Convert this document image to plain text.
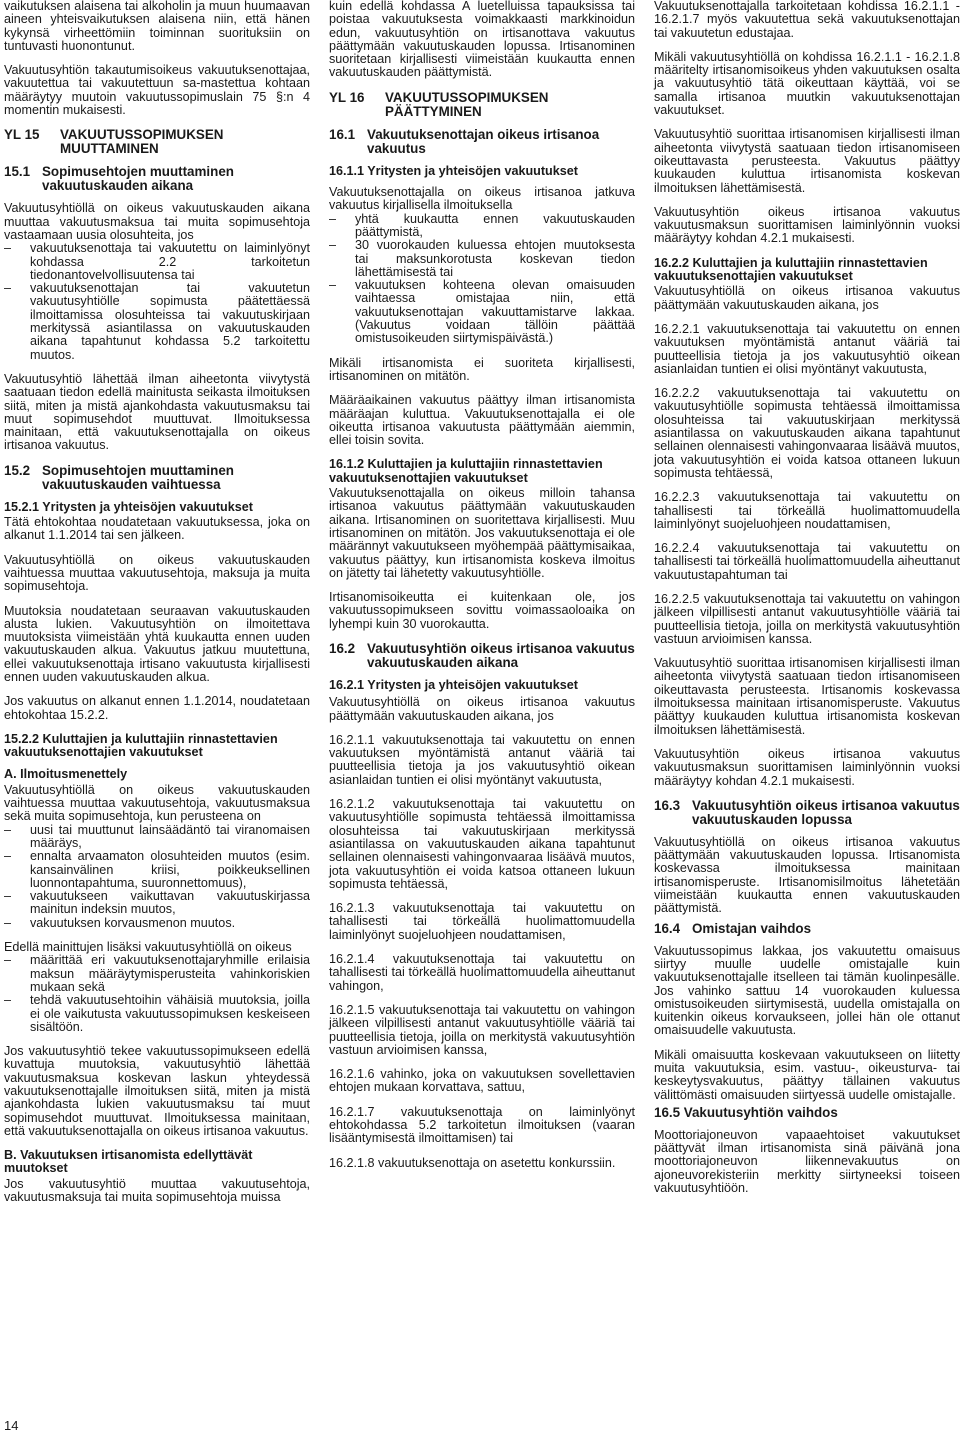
vaikutuksen alaisena tai alkoholin ja muun huumaavan aineen yhteisvaikutuksen alaisena niin, että hänen kykynsä virheettömiin toiminnan suorituksiin on tuntuvasti huonontunut.

Vakuutusyhtiön takautumisoikeus vakuutuksenottajaa, vakuutettua tai vakuutettuun sa-mastettua kohtaan määräytyy muutoin vakuutussopimuslain 75 §:n 4 momentin mukaisesti.

YL 15	VAKUUTUSSOPIMUKSEN MUUTTAMINEN
15.1 Sopimusehtojen muuttaminen vakuutuskauden aikana

Vakuutusyhtiöllä on oikeus vakuutuskauden aikana muuttaa vakuutusmaksua tai muita sopimusehtoja vastaamaan uusia olosuhteita, jos

– vakuutuksenottaja tai vakuutettu on laiminlyönyt kohdassa 2.2 tarkoitetun tiedonantovelvollisuutensa tai
– vakuutuksenottajan tai vakuutetun vakuutusyhtiölle sopimusta päätettäessä ilmoittamissa olosuhteissa tai vakuutuskirjaan merkityssä asiantilassa on vakuutuskauden aikana tapahtunut kohdassa 5.2 tarkoitettu muutos.

Vakuutusyhtiö lähettää ilman aiheetonta viivytystä saatuaan tiedon edellä mainitusta seikasta ilmoituksen siitä, miten ja mistä ajankohdasta vakuutusmaksu tai muut sopimusehdot muuttuvat. Ilmoituksessa mainitaan, että vakuutuksenottajalla on oikeus irtisanoa vakuutus.

15.2 Sopimusehtojen muuttaminen vakuutuskauden vaihtuessa
15.2.1 Yritysten ja yhteisöjen vakuutukset

Tätä ehtokohtaa noudatetaan vakuutuksessa, joka on alkanut 1.1.2014 tai sen jälkeen.

Vakuutusyhtiöllä on oikeus vakuutuskauden vaihtuessa muuttaa vakuutusehtoja, maksuja ja muita sopimusehtoja.

Muutoksia noudatetaan seuraavan vakuutuskauden alusta lukien. Vakuutusyhtiön on ilmoitettava muutoksista viimeistään yhtä kuukautta ennen uuden vakuutuskauden alkua. Vakuutus jatkuu muutettuna, ellei vakuutuksenottaja irtisano vakuutusta kirjallisesti ennen uuden vakuutuskauden alkua.

Jos vakuutus on alkanut ennen 1.1.2014, noudatetaan ehtokohtaa 15.2.2.

15.2.2 Kuluttajien ja kuluttajiin rinnastettavien vakuutuksenottajien vakuutukset
A. Ilmoitusmenettely

Vakuutusyhtiöllä on oikeus vakuutuskauden vaihtuessa muuttaa vakuutusehtoja, vakuutusmaksua sekä muita sopimusehtoja, kun perusteena on

– uusi tai muuttunut lainsäädäntö tai viranomaisen määräys,
– ennalta arvaamaton olosuhteiden muutos (esim. kansainvälinen kriisi, poikkeuksellinen luonnontapahtuma, suuronnettomuus),
– vakuutukseen vaikuttavan vakuutuskirjassa mainitun indeksin muutos,
– vakuutuksen korvausmenon muutos.

Edellä mainittujen lisäksi vakuutusyhtiöllä on oikeus

– määrittää eri vakuutuksenottajaryhmille erilaisia maksun määräytymisperusteita vahinkoriskien mukaan sekä
– tehdä vakuutusehtoihin vähäisiä muutoksia, joilla ei ole vaikutusta vakuutussopimuksen keskeiseen sisältöön.

Jos vakuutusyhtiö tekee vakuutussopimukseen edellä kuvattuja muutoksia, vakuutusyhtiö lähettää vakuutusmaksua koskevan laskun yhteydessä vakuutuksenottajalle ilmoituksen siitä, miten ja mistä ajankohdasta lukien vakuutusmaksu tai muut sopimusehdot muuttuvat. Ilmoituksessa mainitaan, että vakuutuksenottajalla on oikeus irtisanoa vakuutus.

B. Vakuutuksen irtisanomista edellyttävät muutokset

Jos vakuutusyhtiö muuttaa vakuutusehtoja, vakuutusmaksuja tai muita sopimusehtoja muissa

kuin edellä kohdassa A luetelluissa tapauksissa tai poistaa vakuutuksesta voimakkaasti markkinoidun edun, vakuutusyhtiön on irtisanottava vakuutus päättymään vakuutuskauden lopussa. Irtisanominen suoritetaan kirjallisesti viimeistään kuukautta ennen vakuutuskauden päättymistä.

YL 16	VAKUUTUSSOPIMUKSEN PÄÄTTYMINEN
16.1 Vakuutuksenottajan oikeus irtisanoa vakuutus
16.1.1 Yritysten ja yhteisöjen vakuutukset

Vakuutuksenottajalla on oikeus irtisanoa jatkuva vakuutus kirjallisella ilmoituksella

– yhtä kuukautta ennen vakuutuskauden päättymistä,
– 30 vuorokauden kuluessa ehtojen muutoksesta tai maksunkorotusta koskevan tiedon lähettämisestä tai
– vakuutuksen kohteena olevan omaisuuden vaihtaessa omistajaa niin, että vakuutuksenottajan vakuuttamistarve lakkaa. (Vakuutus voidaan tällöin päättää omistusoikeuden siirtymispäivästä.)

Mikäli irtisanomista ei suoriteta kirjallisesti, irtisanominen on mitätön.

Määräaikainen vakuutus päättyy ilman irtisanomista määräajan kuluttua. Vakuutuksenottajalla ei ole oikeutta irtisanoa vakuutusta päättymään aiemmin, ellei toisin sovita.

16.1.2 Kuluttajien ja kuluttajiin rinnastettavien vakuutuksenottajien vakuutukset

Vakuutuksenottajalla on oikeus milloin tahansa irtisanoa vakuutus päättymään vakuutuskauden aikana. Irtisanominen on suoritettava kirjallisesti. Muu irtisanominen on mitätön. Jos vakuutuksenottaja ei ole määrännyt vakuutukseen myöhempää päättymisaikaa, vakuutus päättyy, kun irtisanomista koskeva ilmoitus on jätetty tai lähetetty vakuutusyhtiölle.

Irtisanomisoikeutta ei kuitenkaan ole, jos vakuutussopimukseen sovittu voimassaoloaika on lyhempi kuin 30 vuorokautta.

16.2 Vakuutusyhtiön oikeus irtisanoa vakuutus vakuutuskauden aikana
16.2.1 Yritysten ja yhteisöjen vakuutukset

Vakuutusyhtiöllä on oikeus irtisanoa vakuutus päättymään vakuutuskauden aikana, jos

16.2.1.1 vakuutuksenottaja tai vakuutettu on ennen vakuutuksen myöntämistä antanut vääriä tai puutteellisia tietoja ja jos vakuutusyhtiö oikean asianlaidan tuntien ei olisi myöntänyt vakuutusta,

16.2.1.2 vakuutuksenottaja tai vakuutettu on vakuutusyhtiölle sopimusta tehtäessä ilmoittamissa olosuhteissa tai vakuutuskirjaan merkityssä asiantilassa on vakuutuskauden aikana tapahtunut sellainen olennaisesti vahingonvaaraa lisäävä muutos, jota vakuutusyhtiön ei voida katsoa ottaneen lukuun sopimusta tehtäessä,

16.2.1.3 vakuutuksenottaja tai vakuutettu on tahallisesti tai törkeällä huolimattomuudella laiminlyönyt suojeluohjeen noudattamisen,

16.2.1.4 vakuutuksenottaja tai vakuutettu on tahallisesti tai törkeällä huolimattomuudella aiheuttanut vahingon,

16.2.1.5 vakuutuksenottaja tai vakuutettu on vahingon jälkeen vilpillisesti antanut vakuutusyhtiölle vääriä tai puutteellisia tietoja, joilla on merkitystä vakuutusyhtiön vastuun arvioimisen kanssa,

16.2.1.6 vahinko, joka on vakuutuksen sovellettavien ehtojen mukaan korvattava, sattuu,

16.2.1.7 vakuutuksenottaja on laiminlyönyt ehtokohdassa 5.2 tarkoitetun ilmoituksen (vaaran lisääntymisestä ilmoittamisen) tai

16.2.1.8 vakuutuksenottaja on asetettu konkurssiin.

Vakuutuksenottajalla tarkoitetaan kohdissa 16.2.1.1 - 16.2.1.7 myös vakuutettua sekä vakuutuksenottajan tai vakuutetun edustajaa.

Mikäli vakuutusyhtiöllä on kohdissa 16.2.1.1 - 16.2.1.8 määritelty irtisanomisoikeus yhden vakuutuksen osalta ja vakuutusyhtiö tätä oikeuttaan käyttää, voi se samalla irtisanoa muutkin vakuutuksenottajan vakuutukset.

Vakuutusyhtiö suorittaa irtisanomisen kirjallisesti ilman aiheetonta viivytystä saatuaan tiedon irtisanomiseen oikeuttavasta perusteesta. Vakuutus päättyy kuukauden kuluttua irtisanomista koskevan ilmoituksen lähettämisestä.

Vakuutusyhtiön oikeus irtisanoa vakuutus vakuutusmaksun suorittamisen laiminlyönnin vuoksi määräytyy kohdan 4.2.1 mukaisesti.

16.2.2 Kuluttajien ja kuluttajiin rinnastettavien vakuutuksenottajien vakuutukset

Vakuutusyhtiöllä on oikeus irtisanoa vakuutus päättymään vakuutuskauden aikana, jos

16.2.2.1 vakuutuksenottaja tai vakuutettu on ennen vakuutuksen myöntämistä antanut vääriä tai puutteellisia tietoja ja jos vakuutusyhtiö oikean asianlaidan tuntien ei olisi myöntänyt vakuutusta,

16.2.2.2 vakuutuksenottaja tai vakuutettu on vakuutusyhtiölle sopimusta tehtäessä ilmoittamissa olosuhteissa tai vakuutuskirjaan merkityssä asiantilassa on vakuutuskauden aikana tapahtunut sellainen olennaisesti vahingonvaaraa lisäävä muutos, jota vakuutusyhtiön ei voida katsoa ottaneen lukuun sopimusta tehtäessä,

16.2.2.3 vakuutuksenottaja tai vakuutettu on tahallisesti tai törkeällä huolimattomuudella laiminlyönyt suojeluohjeen noudattamisen,

16.2.2.4 vakuutuksenottaja tai vakuutettu on tahallisesti tai törkeällä huolimattomuudella aiheuttanut vakuutustapahtuman tai

16.2.2.5 vakuutuksenottaja tai vakuutettu on vahingon jälkeen vilpillisesti antanut vakuutusyhtiölle vääriä tai puutteellisia tietoja, joilla on merkitystä vakuutusyhtiön vastuun arvioimisen kanssa.

Vakuutusyhtiö suorittaa irtisanomisen kirjallisesti ilman aiheetonta viivytystä saatuaan tiedon irtisanomiseen oikeuttavasta perusteesta. Irtisanomis koskevassa ilmoituksessa mainitaan irtisanomisperuste. Vakuutus päättyy kuukauden kuluttua irtisanomista koskevan ilmoituksen lähettämisestä.

Vakuutusyhtiön oikeus irtisanoa vakuutus vakuutusmaksun suorittamisen laiminlyönnin vuoksi määräytyy kohdan 4.2.1 mukaisesti.

16.3 Vakuutusyhtiön oikeus irtisanoa vakuutus vakuutuskauden lopussa

Vakuutusyhtiöllä on oikeus irtisanoa vakuutus päättymään vakuutuskauden lopussa. Irtisanomista koskevassa ilmoituksessa mainitaan irtisanomisperuste. Irtisanomisilmoitus lähetetään viimeistään kuukautta ennen vakuutuskauden päättymistä.

16.4 Omistajan vaihdos

Vakuutussopimus lakkaa, jos vakuutettu omaisuus siirtyy muulle uudelle omistajalle kuin vakuutuksenottajalle itselleen tai tämän kuolinpesälle. Jos vahinko sattuu 14 vuorokauden kuluessa omistusoikeuden siirtymisestä, uudella omistajalla on kuitenkin oikeus korvaukseen, jollei hän ole ottanut omaisuudelle vakuutusta.

Mikäli omaisuutta koskevaan vakuutukseen on liitetty muita vakuutuksia, esim. vastuu-, oikeusturva- tai keskeytysvakuutus, päättyy tällainen vakuutus välittömästi omaisuuden siirtyessä uudelle omistajalle.

16.5 Vakuutusyhtiön vaihdos

Moottoriajoneuvon vapaaehtoiset vakuutukset päättyvät ilman irtisanomista sinä päivänä jona moottoriajoneuvon liikennevakuutus on ajoneuvorekisteriin merkitty siirtyneeksi toiseen vakuutusyhtiöön.

14
